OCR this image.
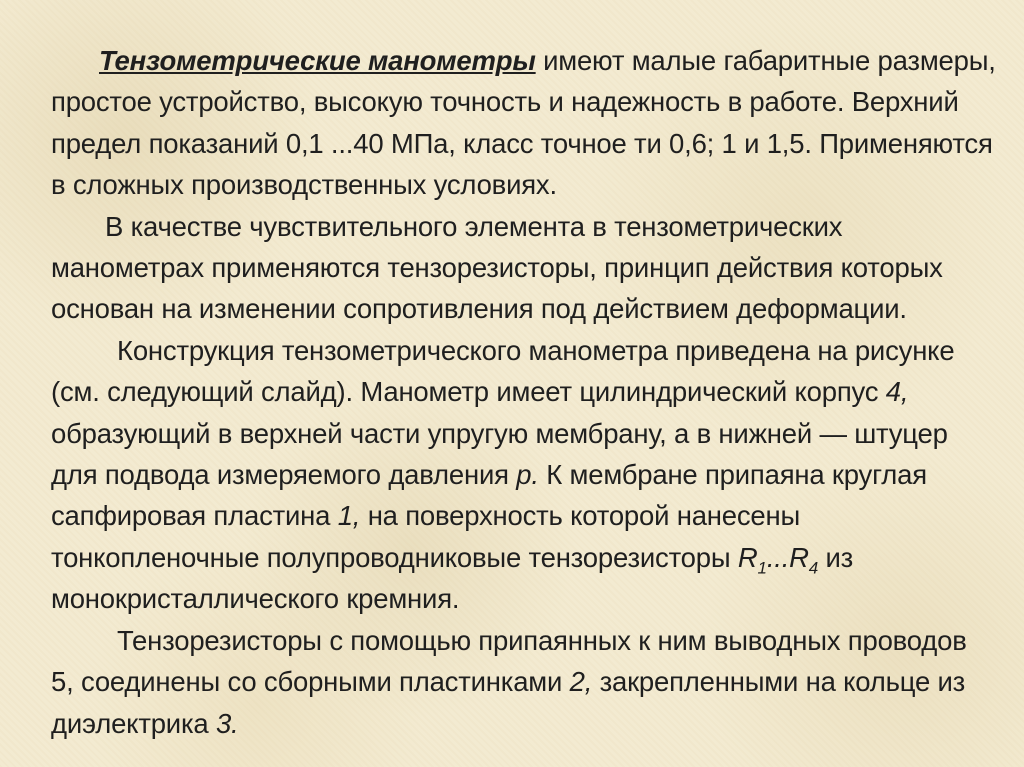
Тензометрические манометры имеют малые габаритные размеры, простое устройство, высокую точность и надежность в работе. Верхний предел показаний 0,1 ...40 МПа, класс точное ти 0,6; 1 и 1,5. Применяются в сложных производственных условиях.

В качестве чувствительного элемента в тензометрических манометрах применяются тензорезисторы, принцип действия которых основан на изменении сопротивления под действием деформации.

Конструкция тензометрического манометра приведена на рисунке (см. следующий слайд). Манометр имеет цилиндрический корпус 4, образующий в верхней части упругую мембрану, а в нижней — штуцер для подвода измеряемого давления р. К мембране припаяна круглая сапфировая пластина 1, на поверхность которой нанесены тонкопленочные полупроводниковые тензорезисторы $R_1...R_4$ из монокристаллического кремния.

Тензорезисторы с помощью припаянных к ним выводных проводов 5, соединены со сборными пластинками 2, закрепленными на кольце из диэлектрика 3.
